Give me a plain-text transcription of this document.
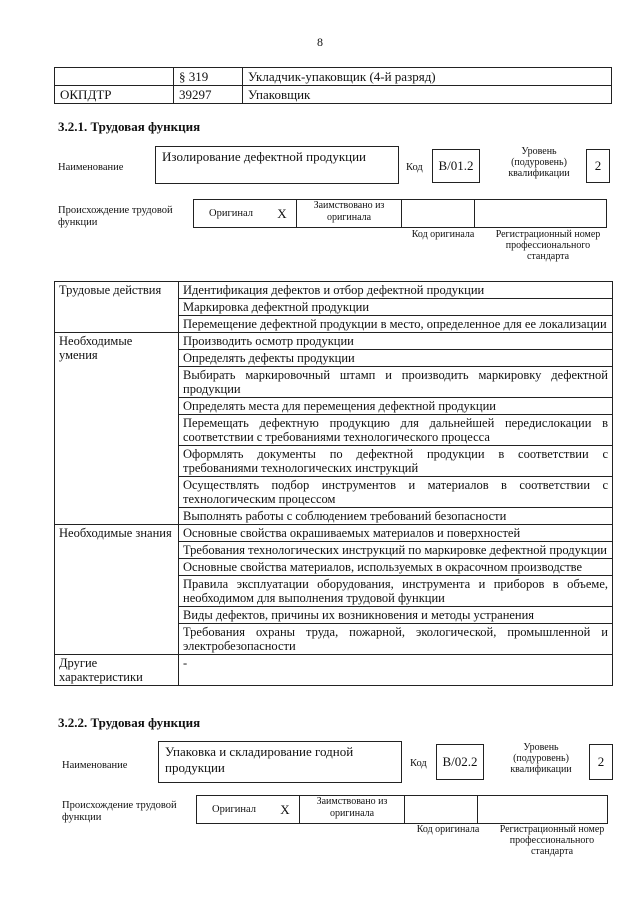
8
	§ 319	Укладчик-упаковщик (4-й разряд)
ОКПДТР	39297	Упаковщик
3.2.1. Трудовая функция
Наименование
Изолирование дефектной продукции
Код	В/01.2
Уровень (подуровень) квалификации
2
Происхождение трудовой функции
Оригинал	X	Заимствовано из оригинала		
Код оригинала	Регистрационный номер профессионального стандарта
Трудовые действия	Идентификация дефектов и отбор дефектной продукции
	Маркировка дефектной продукции
	Перемещение дефектной продукции в место, определенное для ее локализации
Необходимые умения	Производить осмотр продукции
	Определять дефекты продукции
	Выбирать маркировочный штамп и производить маркировку дефектной продукции
	Определять места для перемещения дефектной продукции
	Перемещать дефектную продукцию для дальнейшей передислокации в соответствии с требованиями технологического процесса
	Оформлять документы по дефектной продукции в соответствии с требованиями технологических инструкций
	Осуществлять подбор инструментов и материалов в соответствии с технологическим процессом
	Выполнять работы с соблюдением требований безопасности
Необходимые знания	Основные свойства окрашиваемых материалов и поверхностей
	Требования технологических инструкций по маркировке дефектной продукции
	Основные свойства материалов, используемых в окрасочном производстве
	Правила эксплуатации оборудования, инструмента и приборов в объеме, необходимом для выполнения трудовой функции
	Виды дефектов, причины их возникновения и методы устранения
	Требования охраны труда, пожарной, экологической, промышленной и электробезопасности
Другие характеристики	-
3.2.2. Трудовая функция
Наименование
Упаковка и складирование годной продукции	Код	В/02.2
Уровень (подуровень) квалификации
2
Происхождение трудовой функции
Оригинал	X	Заимствовано из оригинала		
Код оригинала	Регистрационный номер профессионального стандарта
